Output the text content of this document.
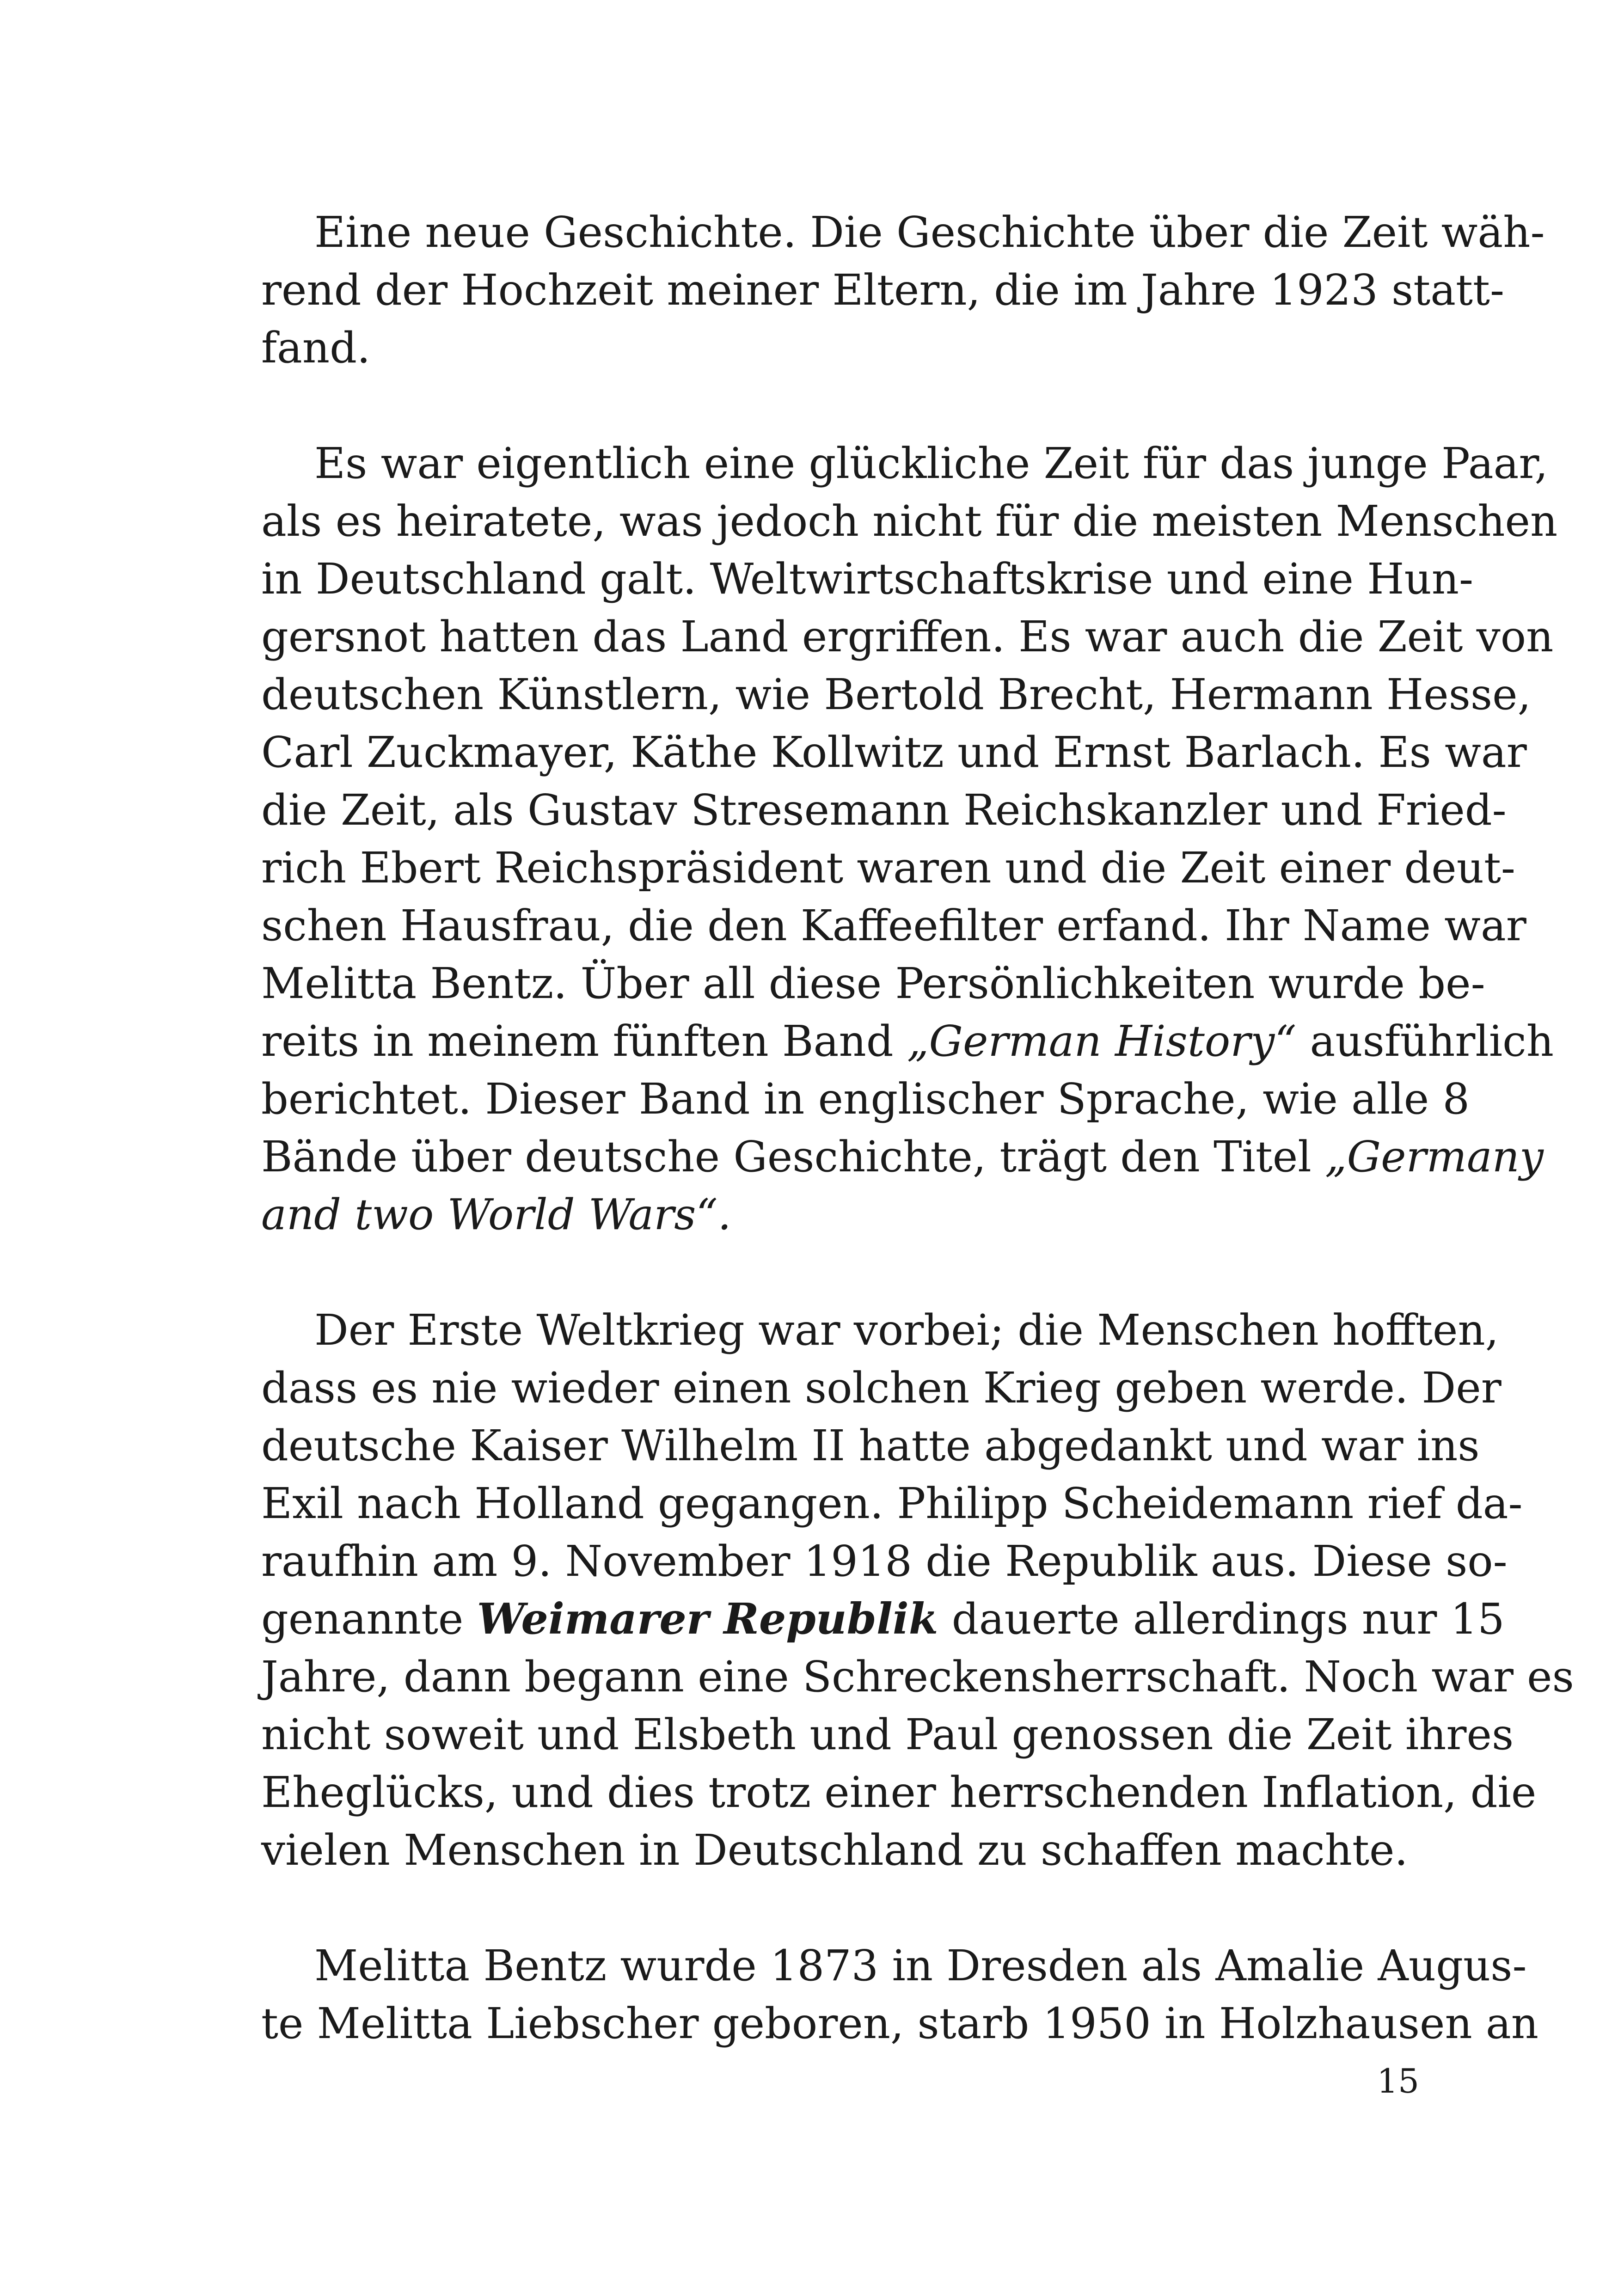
Eine neue Geschichte. Die Geschichte über die Zeit wäh-
rend der Hochzeit meiner Eltern, die im Jahre 1923 statt-
fand.
Es war eigentlich eine glückliche Zeit für das junge Paar,
als es heiratete, was jedoch nicht für die meisten Menschen
in Deutschland galt. Weltwirtschaftskrise und eine Hun-
gersnot hatten das Land ergriffen. Es war auch die Zeit von
deutschen Künstlern, wie Bertold Brecht, Hermann Hesse,
Carl Zuckmayer, Käthe Kollwitz und Ernst Barlach. Es war
die Zeit, als Gustav Stresemann Reichskanzler und Fried-
rich Ebert Reichspräsident waren und die Zeit einer deut-
schen Hausfrau, die den Kaffeefilter erfand. Ihr Name war
Melitta Bentz. Über all diese Persönlichkeiten wurde be-
reits in meinem fünften Band „German History“ ausführlich
berichtet. Dieser Band in englischer Sprache, wie alle 8
Bände über deutsche Geschichte, trägt den Titel „Germany
and two World Wars“.
Der Erste Weltkrieg war vorbei; die Menschen hofften,
dass es nie wieder einen solchen Krieg geben werde. Der
deutsche Kaiser Wilhelm II hatte abgedankt und war ins
Exil nach Holland gegangen. Philipp Scheidemann rief da-
raufhin am 9. November 1918 die Republik aus. Diese so-
genannte Weimarer Republik dauerte allerdings nur 15
Jahre, dann begann eine Schreckensherrschaft. Noch war es
nicht soweit und Elsbeth und Paul genossen die Zeit ihres
Eheglücks, und dies trotz einer herrschenden Inflation, die
vielen Menschen in Deutschland zu schaffen machte.
Melitta Bentz wurde 1873 in Dresden als Amalie Augus-
te Melitta Liebscher geboren, starb 1950 in Holzhausen an
15
